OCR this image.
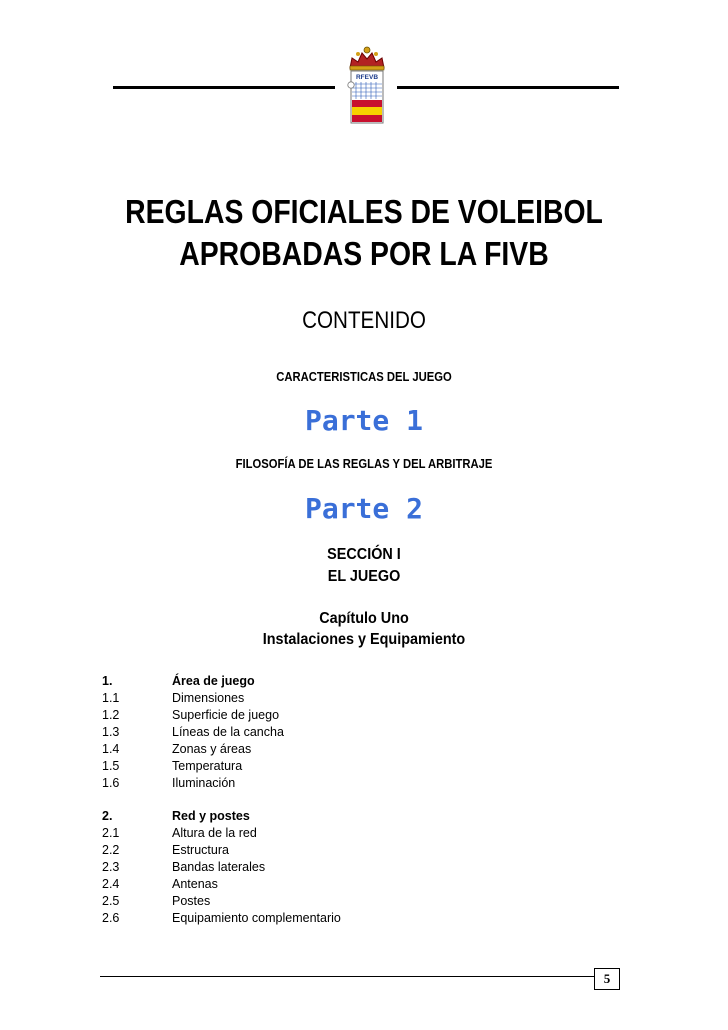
RFEVB
REGLAS OFICIALES DE VOLEIBOL
APROBADAS POR LA FIVB
CONTENIDO
CARACTERISTICAS DEL JUEGO
Parte 1
FILOSOFÍA DE LAS REGLAS Y DEL ARBITRAJE
Parte 2
SECCIÓN I
EL JUEGO
Capítulo Uno
Instalaciones y Equipamiento
1.	Área de juego
1.1	Dimensiones
1.2	Superficie de juego
1.3	Líneas de la cancha
1.4	Zonas y áreas
1.5	Temperatura
1.6	Iluminación
2.	Red y postes
2.1	Altura de la red
2.2	Estructura
2.3	Bandas laterales
2.4	Antenas
2.5	Postes
2.6	Equipamiento complementario
5
